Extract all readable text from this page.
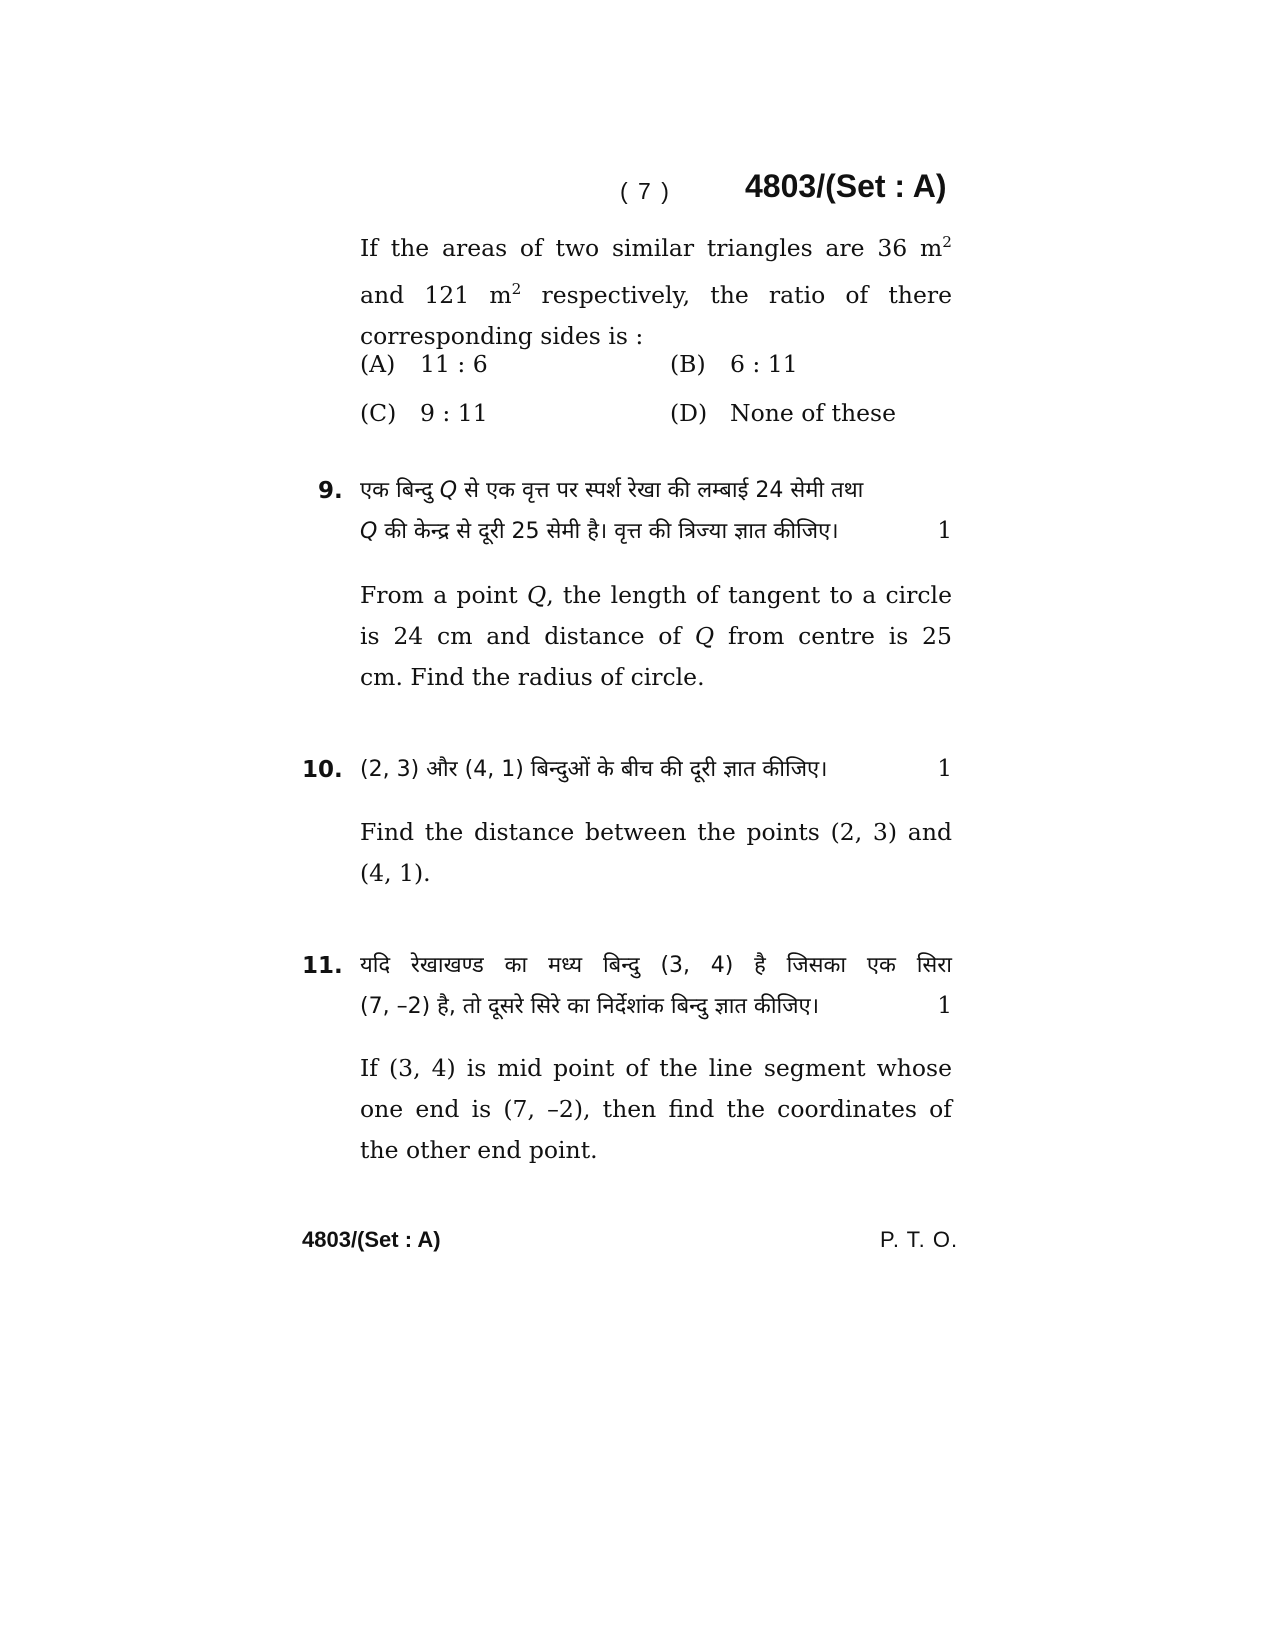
( 7 ) 4803/(Set : A)
If the areas of two similar triangles are 36 $m^2$
and 121 $m^2$ respectively, the ratio of there
corresponding sides is :
(A) 11 : 6	(B) 6 : 11
(C) 9 : 11	(D) None of these
9. एक बिन्दु Q से एक वृत्त पर स्पर्श रेखा की लम्बाई 24 सेमी तथा
Q की केन्द्र से दूरी 25 सेमी है। वृत्त की त्रिज्या ज्ञात कीजिए।	1
From a point Q, the length of tangent to a circle
is 24 cm and distance of Q from centre is 25
cm. Find the radius of circle.
10. (2, 3) और (4, 1) बिन्दुओं के बीच की दूरी ज्ञात कीजिए।	1
Find the distance between the points (2, 3) and
(4, 1).
11. यदि रेखाखण्ड का मध्य बिन्दु (3, 4) है जिसका एक सिरा
(7, –2) है, तो दूसरे सिरे का निर्देशांक बिन्दु ज्ञात कीजिए।	1
If (3, 4) is mid point of the line segment whose
one end is (7, –2), then find the coordinates of
the other end point.
4803/(Set : A)	P. T. O.
